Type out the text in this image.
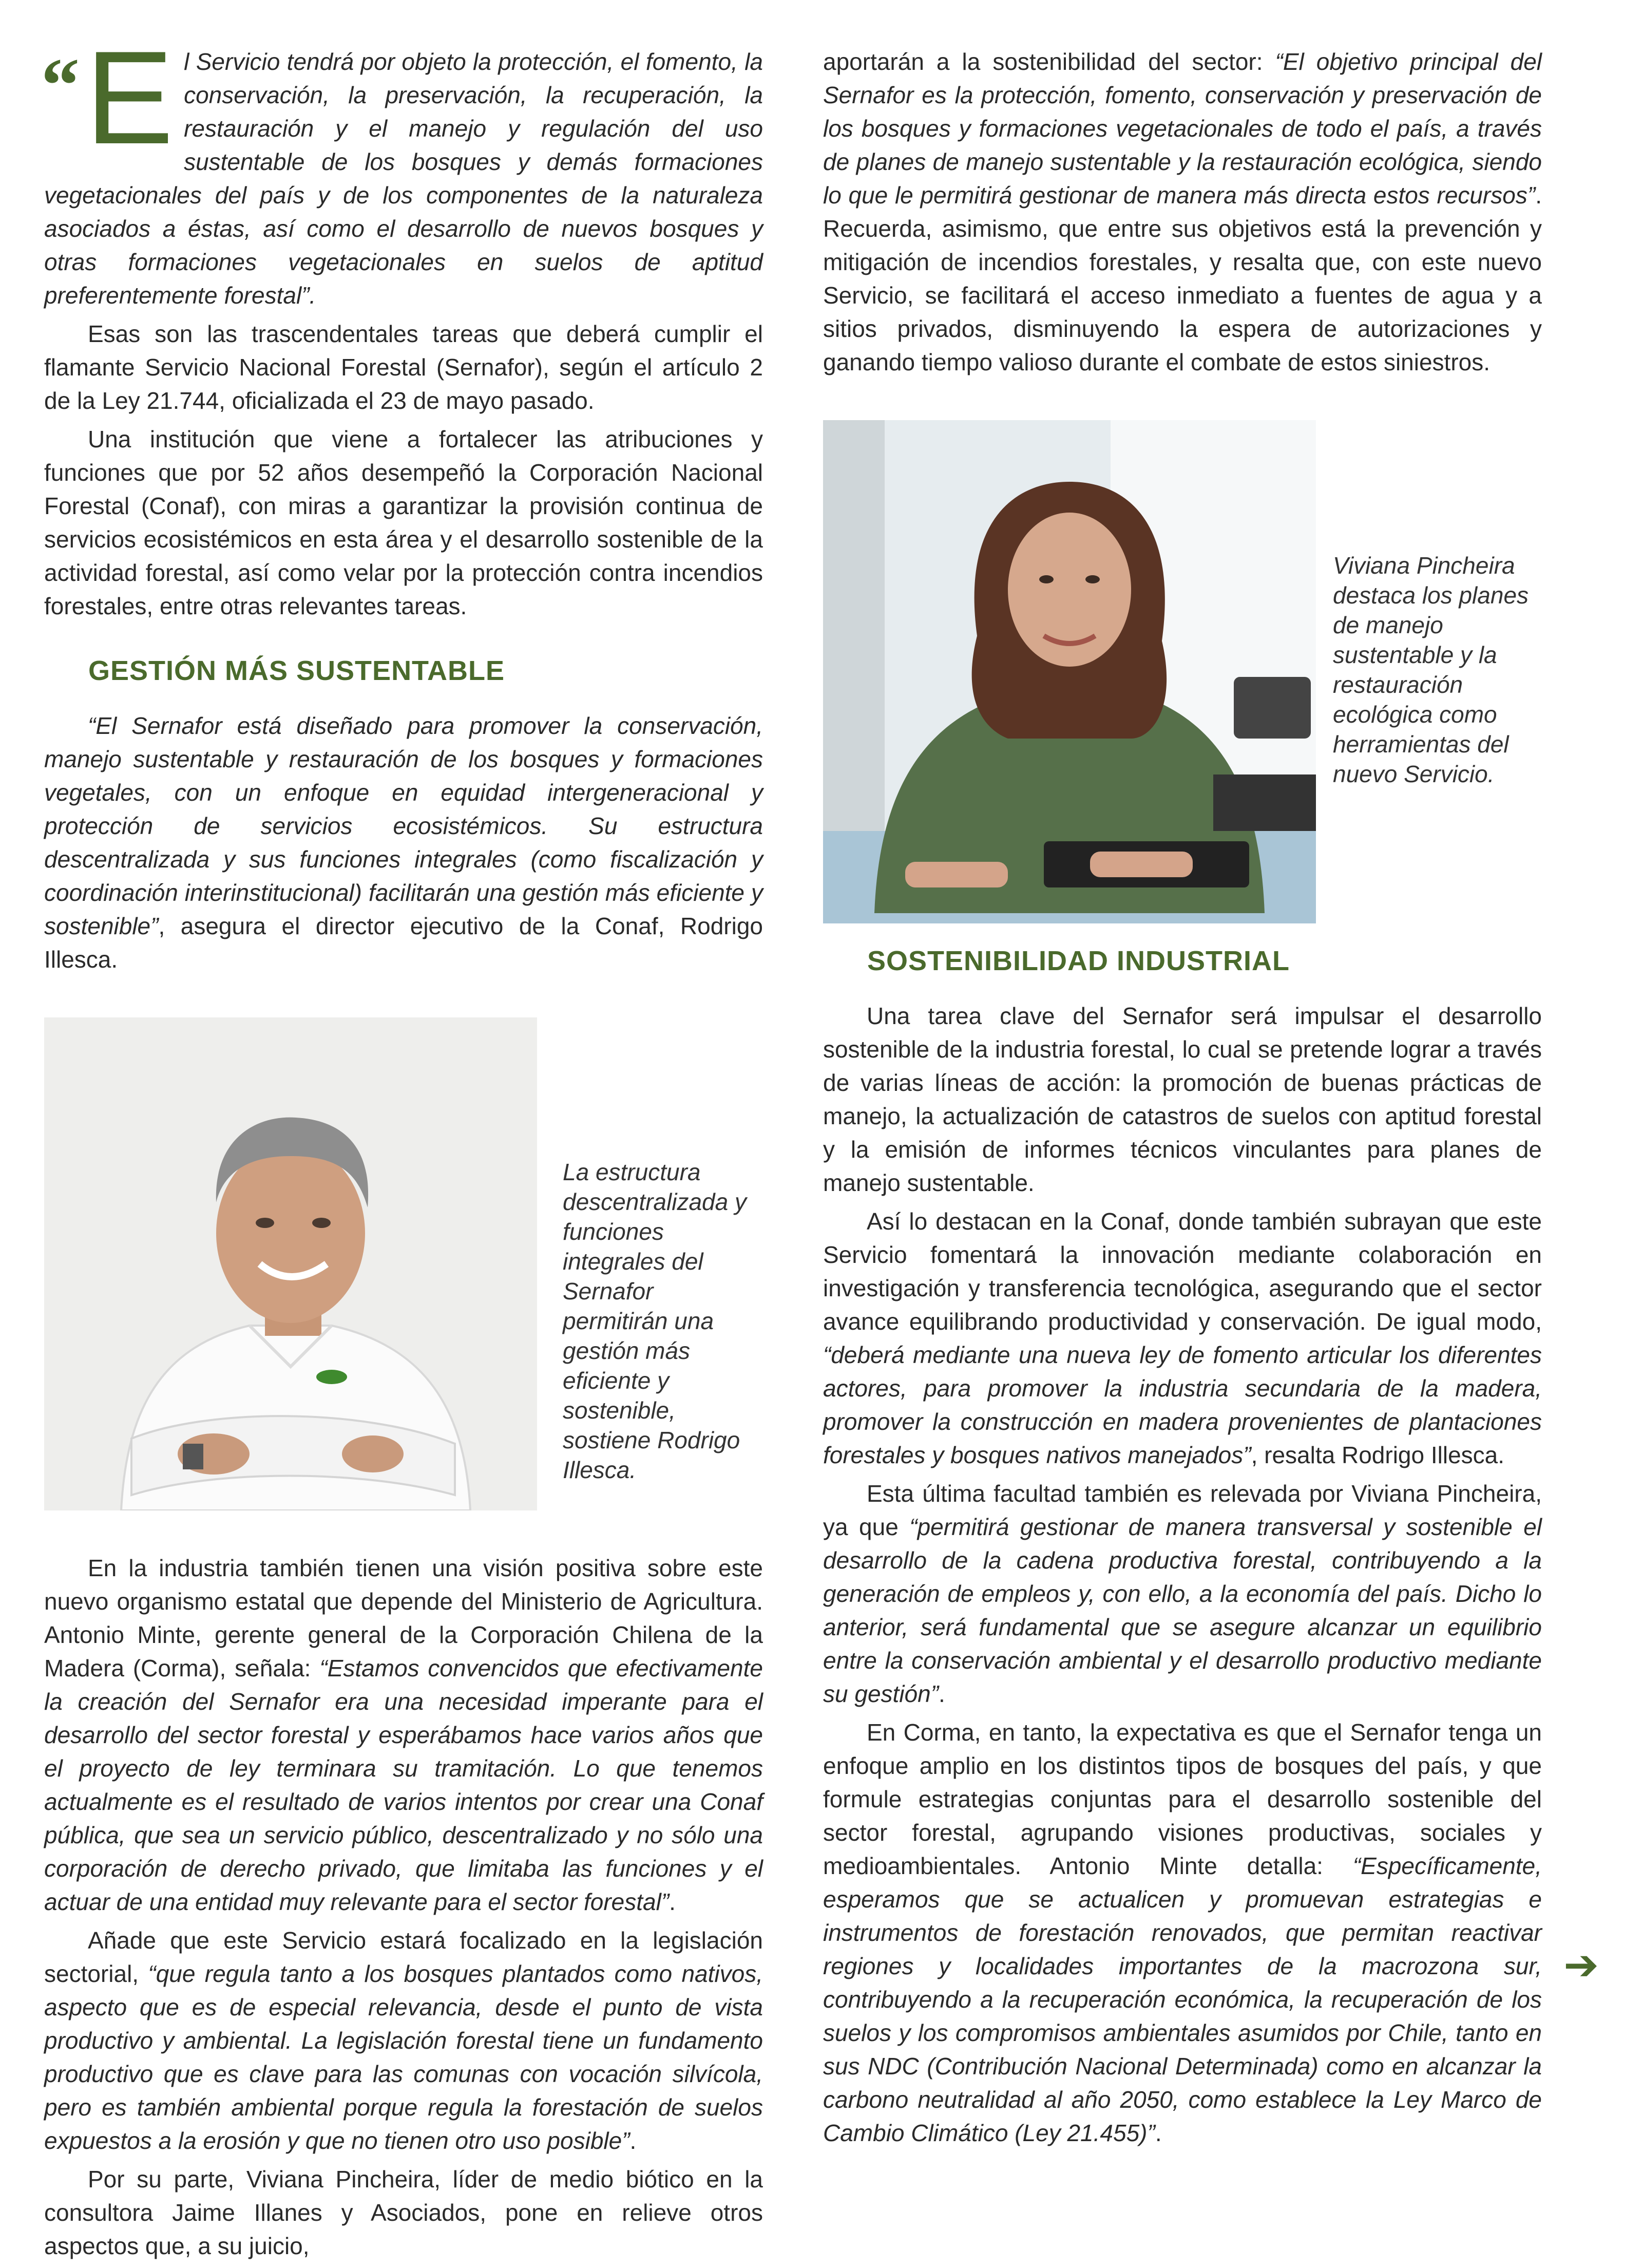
“ E l Servicio tendrá por objeto la protección, el fomento, la conservación, la preservación, la recuperación, la restauración y el manejo y regulación del uso sustentable de los bosques y demás formaciones vegetacionales del país y de los componentes de la naturaleza asociados a éstas, así como el desarrollo de nuevos bosques y otras formaciones vegetacionales en suelos de aptitud preferentemente forestal”.

Esas son las trascendentales tareas que deberá cumplir el flamante Servicio Nacional Forestal (Sernafor), según el artículo 2 de la Ley 21.744, oficializada el 23 de mayo pasado.

Una institución que viene a fortalecer las atribuciones y funciones que por 52 años desempeñó la Corporación Nacional Forestal (Conaf), con miras a garantizar la provisión continua de servicios ecosistémicos en esta área y el desarrollo sostenible de la actividad forestal, así como velar por la protección contra incendios forestales, entre otras relevantes tareas.

GESTIÓN MÁS SUSTENTABLE

“El Sernafor está diseñado para promover la conservación, manejo sustentable y restauración de los bosques y formaciones vegetales, con un enfoque en equidad intergeneracional y protección de servicios ecosistémicos. Su estructura descentralizada y sus funciones integrales (como fiscalización y coordinación interinstitucional) facilitarán una gestión más eficiente y sostenible”, asegura el director ejecutivo de la Conaf, Rodrigo Illesca.

La estructura descentralizada y funciones integrales del Sernafor permitirán una gestión más eficiente y sostenible, sostiene Rodrigo Illesca.

En la industria también tienen una visión positiva sobre este nuevo organismo estatal que depende del Ministerio de Agricultura. Antonio Minte, gerente general de la Corporación Chilena de la Madera (Corma), señala: “Estamos convencidos que efectivamente la creación del Sernafor era una necesidad imperante para el desarrollo del sector forestal y esperábamos hace varios años que el proyecto de ley terminara su tramitación. Lo que tenemos actualmente es el resultado de varios intentos por crear una Conaf pública, que sea un servicio público, descentralizado y no sólo una corporación de derecho privado, que limitaba las funciones y el actuar de una entidad muy relevante para el sector forestal”.

Añade que este Servicio estará focalizado en la legislación sectorial, “que regula tanto a los bosques plantados como nativos, aspecto que es de especial relevancia, desde el punto de vista productivo y ambiental. La legislación forestal tiene un fundamento productivo que es clave para las comunas con vocación silvícola, pero es también ambiental porque regula la forestación de suelos expuestos a la erosión y que no tienen otro uso posible”.

Por su parte, Viviana Pincheira, líder de medio biótico en la consultora Jaime Illanes y Asociados, pone en relieve otros aspectos que, a su juicio,

aportarán a la sostenibilidad del sector: “El objetivo principal del Sernafor es la protección, fomento, conservación y preservación de los bosques y formaciones vegetacionales de todo el país, a través de planes de manejo sustentable y la restauración ecológica, siendo lo que le permitirá gestionar de manera más directa estos recursos”. Recuerda, asimismo, que entre sus objetivos está la prevención y mitigación de incendios forestales, y resalta que, con este nuevo Servicio, se facilitará el acceso inmediato a fuentes de agua y a sitios privados, disminuyendo la espera de autorizaciones y ganando tiempo valioso durante el combate de estos siniestros.

Viviana Pincheira destaca los planes de manejo sustentable y la restauración ecológica como herramientas del nuevo Servicio.
SOSTENIBILIDAD INDUSTRIAL

Una tarea clave del Sernafor será impulsar el desarrollo sostenible de la industria forestal, lo cual se pretende lograr a través de varias líneas de acción: la promoción de buenas prácticas de manejo, la actualización de catastros de suelos con aptitud forestal y la emisión de informes técnicos vinculantes para planes de manejo sustentable.

Así lo destacan en la Conaf, donde también subrayan que este Servicio fomentará la innovación mediante colaboración en investigación y transferencia tecnológica, asegurando que el sector avance equilibrando productividad y conservación. De igual modo, “deberá mediante una nueva ley de fomento articular los diferentes actores, para promover la industria secundaria de la madera, promover la construcción en madera provenientes de plantaciones forestales y bosques nativos manejados”, resalta Rodrigo Illesca.

Esta última facultad también es relevada por Viviana Pincheira, ya que “permitirá gestionar de manera transversal y sostenible el desarrollo de la cadena productiva forestal, contribuyendo a la generación de empleos y, con ello, a la economía del país. Dicho lo anterior, será fundamental que se asegure alcanzar un equilibrio entre la conservación ambiental y el desarrollo productivo mediante su gestión”.

En Corma, en tanto, la expectativa es que el Sernafor tenga un enfoque amplio en los distintos tipos de bosques del país, y que formule estrategias conjuntas para el desarrollo sostenible del sector forestal, agrupando visiones productivas, sociales y medioambientales. Antonio Minte detalla: “Específicamente, esperamos que se actualicen y promuevan estrategias e instrumentos de forestación renovados, que permitan reactivar regiones y localidades importantes de la macrozona sur, contribuyendo a la recuperación económica, la recuperación de los suelos y los compromisos ambientales asumidos por Chile, tanto en sus NDC (Contribución Nacional Determinada) como en alcanzar la carbono neutralidad al año 2050, como establece la Ley Marco de Cambio Climático (Ley 21.455)”.

➔
